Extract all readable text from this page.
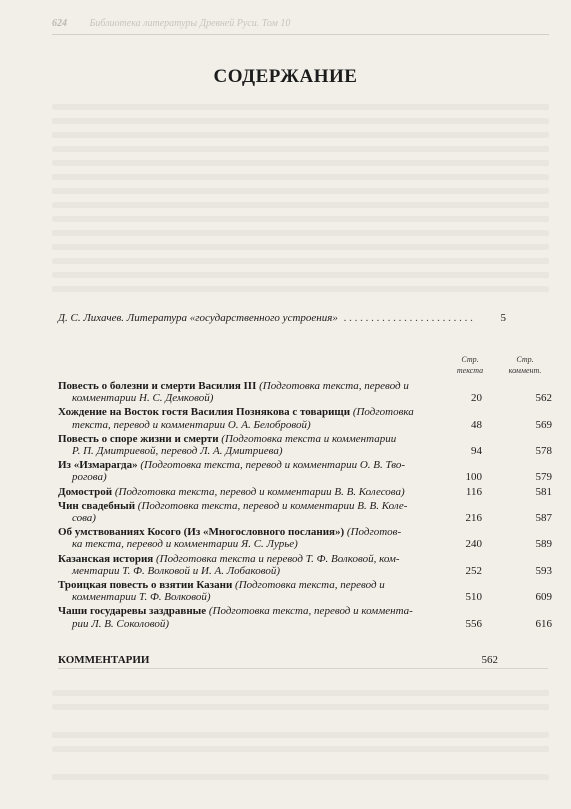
624 Библиотека литературы Древней Руси. Том 10
СОДЕРЖАНИЕ
Д. С. Лихачев. Литература «государственного устроения»
. . .	5
Стр.
текста
Стр.
коммент.
Повесть о болезни и смерти Василия III (Подготовка текста, перевод и
комментарии Н. С. Демковой)	20	562
Хождение на Восток гостя Василия Познякова с товарищи (Подготовка
текста, перевод и комментарии О. А. Белобровой)	48	569
Повесть о споре жизни и смерти (Подготовка текста и комментарии
Р. П. Дмитриевой, перевод Л. А. Дмитриева)	94	578
Из «Измарагда» (Подготовка текста, перевод и комментарии О. В. Тво-
рогова)	100	579
Домострой (Подготовка текста, перевод и комментарии В. В. Колесова)	116	581
Чин свадебный (Подготовка текста, перевод и комментарии В. В. Коле-
сова)	216	587
Об умствованиях Косого (Из «Многословного послания») (Подготов-
ка текста, перевод и комментарии Я. С. Лурье)	240	589
Казанская история (Подготовка текста и перевод Т. Ф. Волковой, ком-
ментарии Т. Ф. Волковой и И. А. Лобаковой)	252	593
Троицкая повесть о взятии Казани (Подготовка текста, перевод и
комментарии Т. Ф. Волковой)	510	609
Чаши государевы заздравные (Подготовка текста, перевод и коммента-
рии Л. В. Соколовой)	556	616
КОММЕНТАРИИ	562
